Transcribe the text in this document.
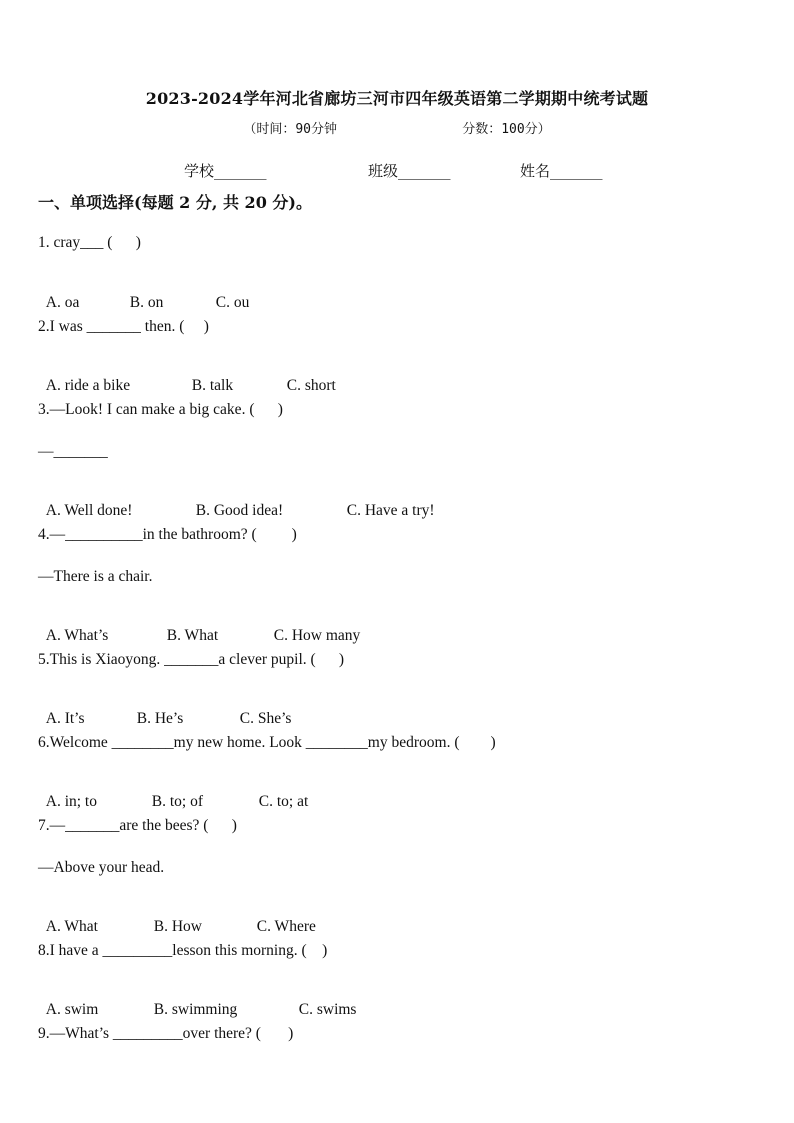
2023-2024学年河北省廊坊三河市四年级英语第二学期期中统考试题
（时间：90分钟                分数：100分）
学校_______	班级_______	姓名_______
一、单项选择(每题 2 分, 共 20 分)。
1. cray___ (      )

A. oa	B. on	C. ou

2.I was _______ then. (     )

A. ride a bike	B. talk	C. short

3.—Look! I can make a big cake. (      )
—_______

A. Well done!	B. Good idea!	C. Have a try!

4.—__________in the bathroom? (         )
—There is a chair.

A. What’s	B. What	C. How many

5.This is Xiaoyong. _______a clever pupil. (      )

A. It’s	B. He’s	C. She’s

6.Welcome ________my new home. Look ________my bedroom. (        )

A. in; to	B. to; of	C. to; at

7.—_______are the bees? (      )
—Above your head.

A. What	B. How	C. Where

8.I have a _________lesson this morning. (    )

A. swim	B. swimming	C. swims

9.—What’s _________over there? (       )
